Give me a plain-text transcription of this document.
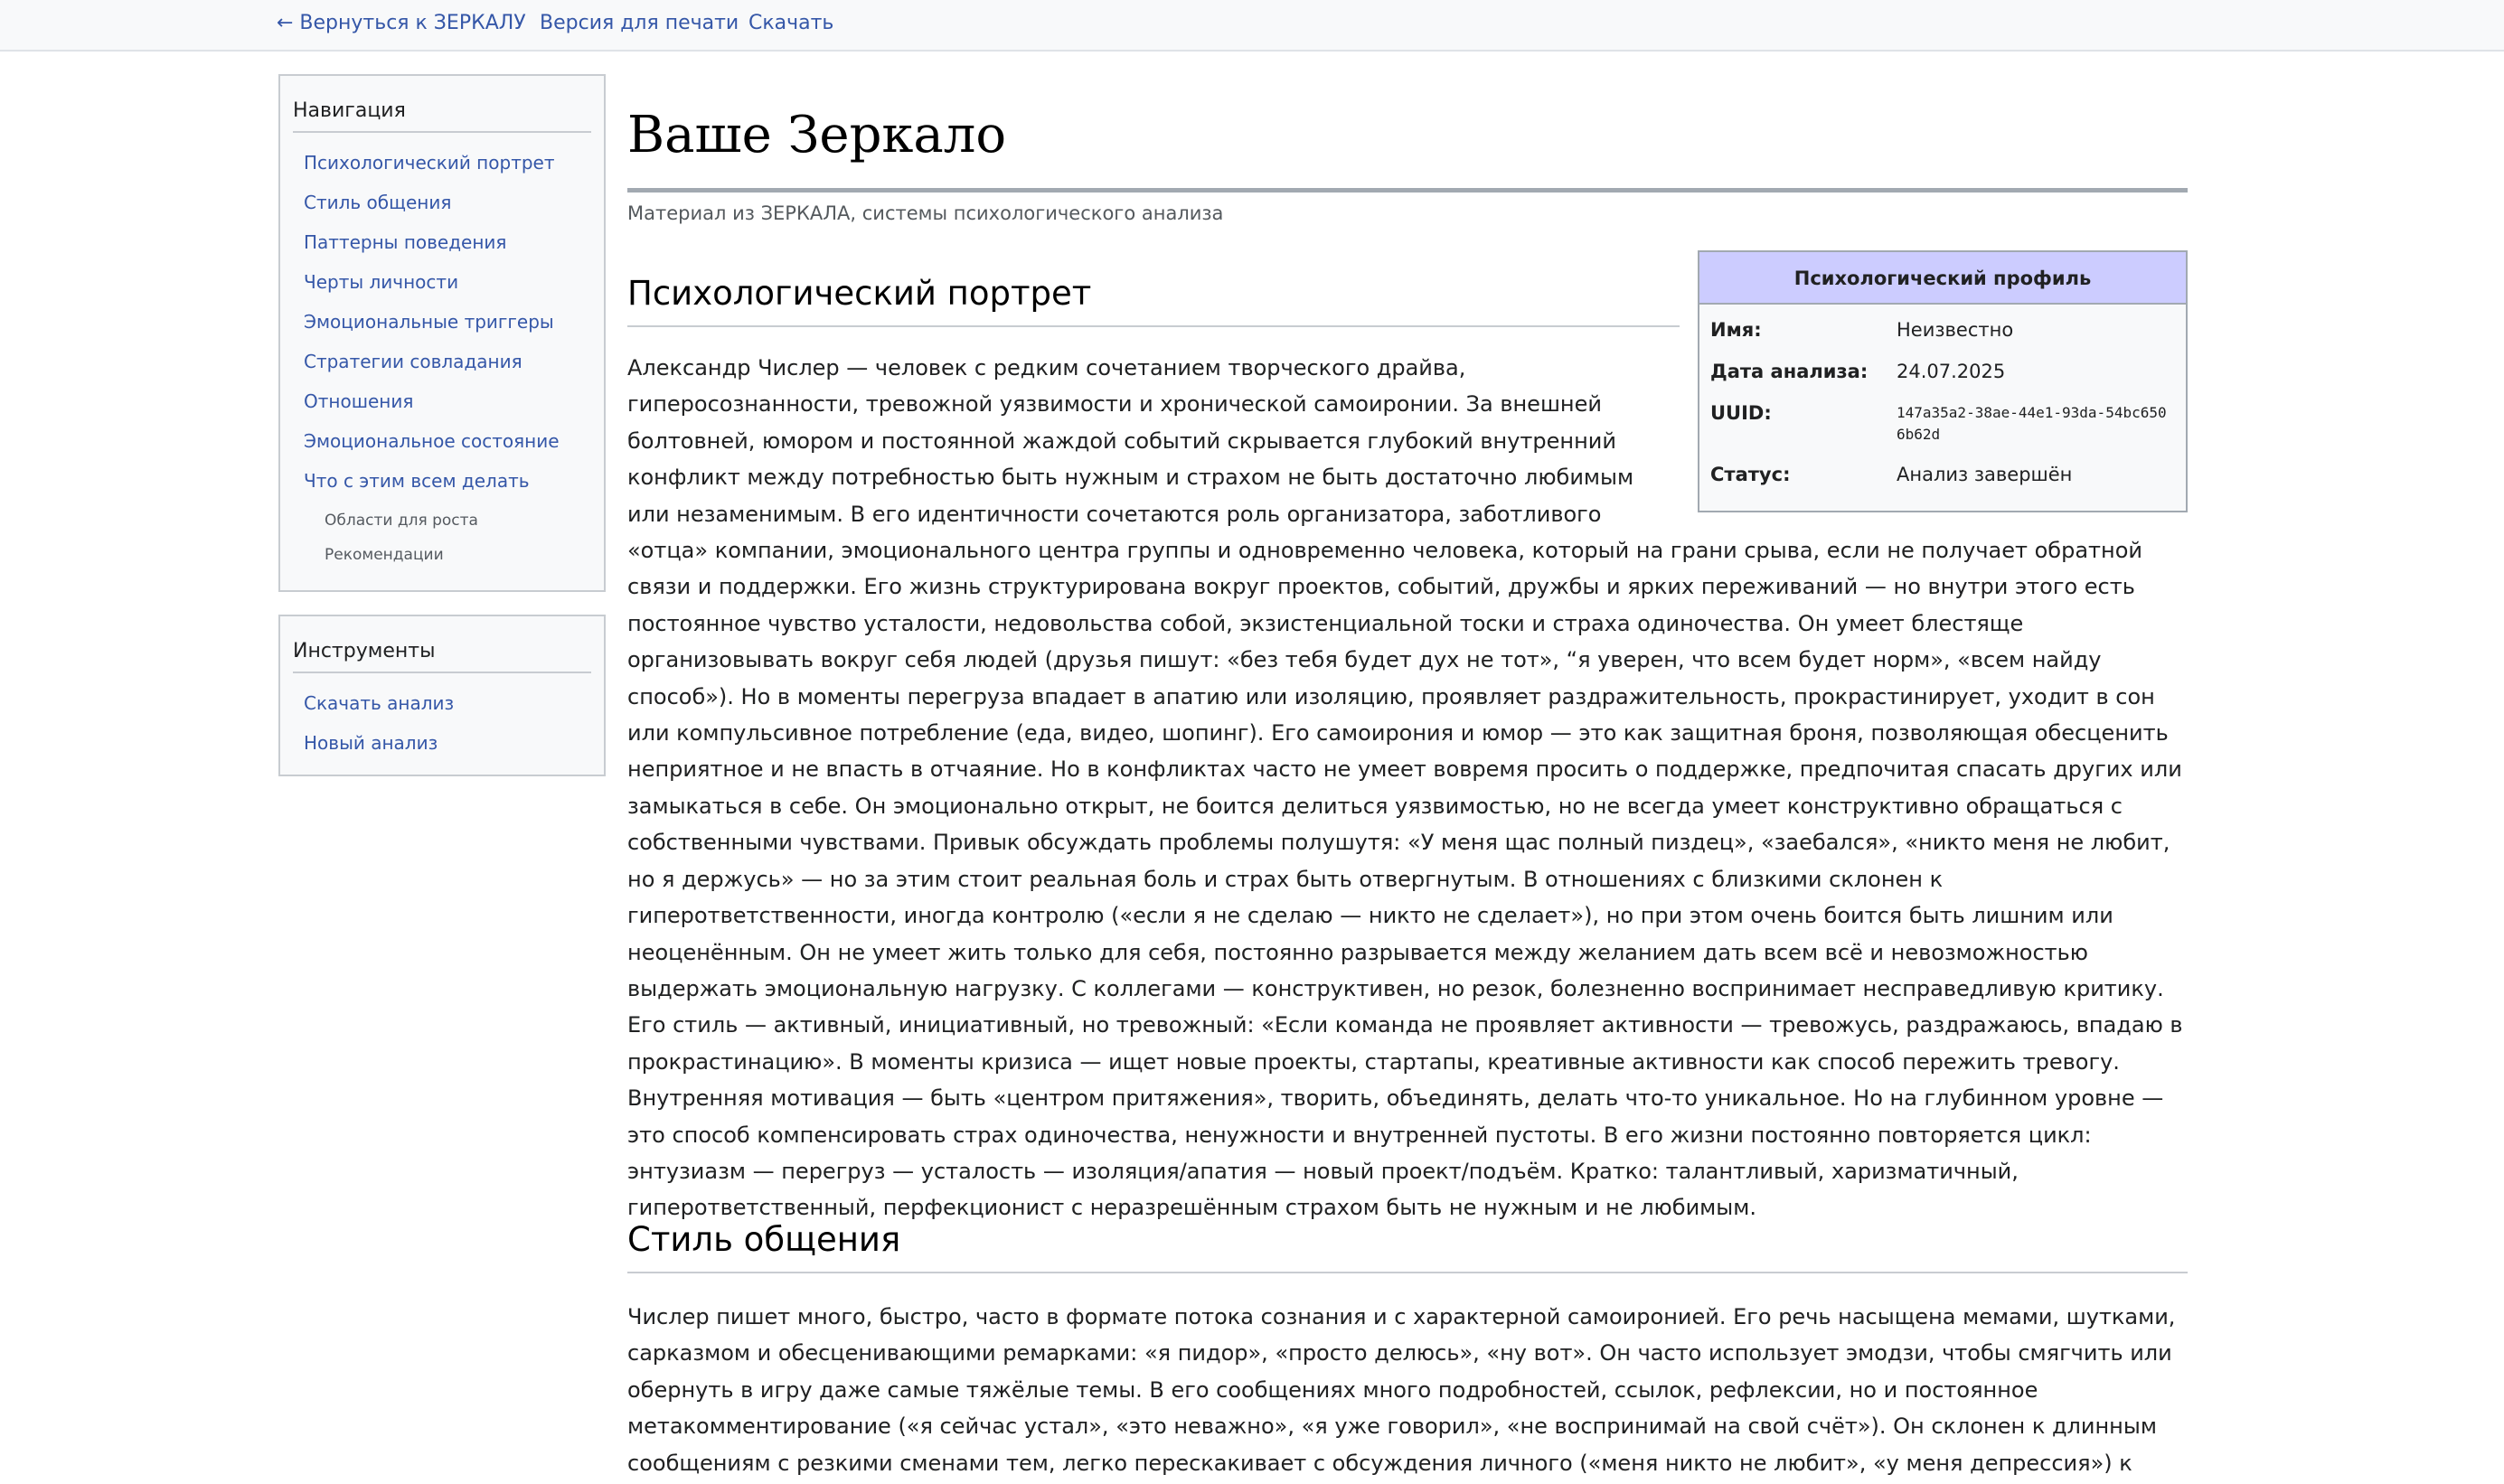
← Вернуться к ЗЕРКАЛУ Версия для печати Скачать
Навигация
Психологический портрет
Стиль общения
Паттерны поведения
Черты личности
Эмоциональные триггеры
Стратегии совладания
Отношения
Эмоциональное состояние
Что с этим всем делать
Области для роста
Рекомендации
Инструменты
Скачать анализ
Новый анализ
Ваше Зеркало
Материал из ЗЕРКАЛА, системы психологического анализа
Психологический портрет	Психологический профиль
Имя:	Неизвестно
Дата анализа: 24.07.2025
UUID:	147a35a2-38ae-44e1-93da-54bc6506b62d
Статус:	Анализ завершён
Александр Числер — человек с редким сочетанием творческого драйва, гиперосознанности, тревожной уязвимости и хронической самоиронии. За внешней болтовней, юмором и постоянной жаждой событий скрывается глубокий внутренний конфликт между потребностью быть нужным и страхом не быть достаточно любимым или незаменимым. В его идентичности сочетаются роль организатора, заботливого «отца» компании, эмоционального центра группы и одновременно человека, который на грани срыва, если не получает обратной связи и поддержки. Его жизнь структурирована вокруг проектов, событий, дружбы и ярких переживаний — но внутри этого есть постоянное чувство усталости, недовольства собой, экзистенциальной тоски и страха одиночества. Он умеет блестяще организовывать вокруг себя людей (друзья пишут: «без тебя будет дух не тот», “я уверен, что всем будет норм», «всем найду способ»). Но в моменты перегруза впадает в апатию или изоляцию, проявляет раздражительность, прокрастинирует, уходит в сон или компульсивное потребление (еда, видео, шопинг). Его самоирония и юмор — это как защитная броня, позволяющая обесценить неприятное и не впасть в отчаяние. Но в конфликтах часто не умеет вовремя просить о поддержке, предпочитая спасать других или замыкаться в себе. Он эмоционально открыт, не боится делиться уязвимостью, но не всегда умеет конструктивно обращаться с собственными чувствами. Привык обсуждать проблемы полушутя: «У меня щас полный пиздец», «заебался», «никто меня не любит, но я держусь» — но за этим стоит реальная боль и страх быть отвергнутым. В отношениях с близкими склонен к гиперответственности, иногда контролю («если я не сделаю — никто не сделает»), но при этом очень боится быть лишним или неоценённым. Он не умеет жить только для себя, постоянно разрывается между желанием дать всем всё и невозможностью выдержать эмоциональную нагрузку. С коллегами — конструктивен, но резок, болезненно воспринимает несправедливую критику. Его стиль — активный, инициативный, но тревожный: «Если команда не проявляет активности — тревожусь, раздражаюсь, впадаю в прокрастинацию». В моменты кризиса — ищет новые проекты, стартапы, креативные активности как способ пережить тревогу. Внутренняя мотивация — быть «центром притяжения», творить, объединять, делать что-то уникальное. Но на глубинном уровне — это способ компенсировать страх одиночества, ненужности и внутренней пустоты. В его жизни постоянно повторяется цикл: энтузиазм — перегруз — усталость — изоляция/апатия — новый проект/подъём. Кратко: талантливый, харизматичный, гиперответственный, перфекционист с неразрешённым страхом быть не нужным и не любимым.
Стиль общения
Числер пишет много, быстро, часто в формате потока сознания и с характерной самоиронией. Его речь насыщена мемами, шутками, сарказмом и обесценивающими ремарками: «я пидор», «просто делюсь», «ну вот». Он часто использует эмодзи, чтобы смягчить или обернуть в игру даже самые тяжёлые темы. В его сообщениях много подробностей, ссылок, рефлексии, но и постоянное метакомментирование («я сейчас устал», «это неважно», «я уже говорил», «не воспринимай на свой счёт»). Он склонен к длинным сообщениям с резкими сменами тем, легко перескакивает с обсуждения личного («меня никто не любит», «у меня депрессия») к
